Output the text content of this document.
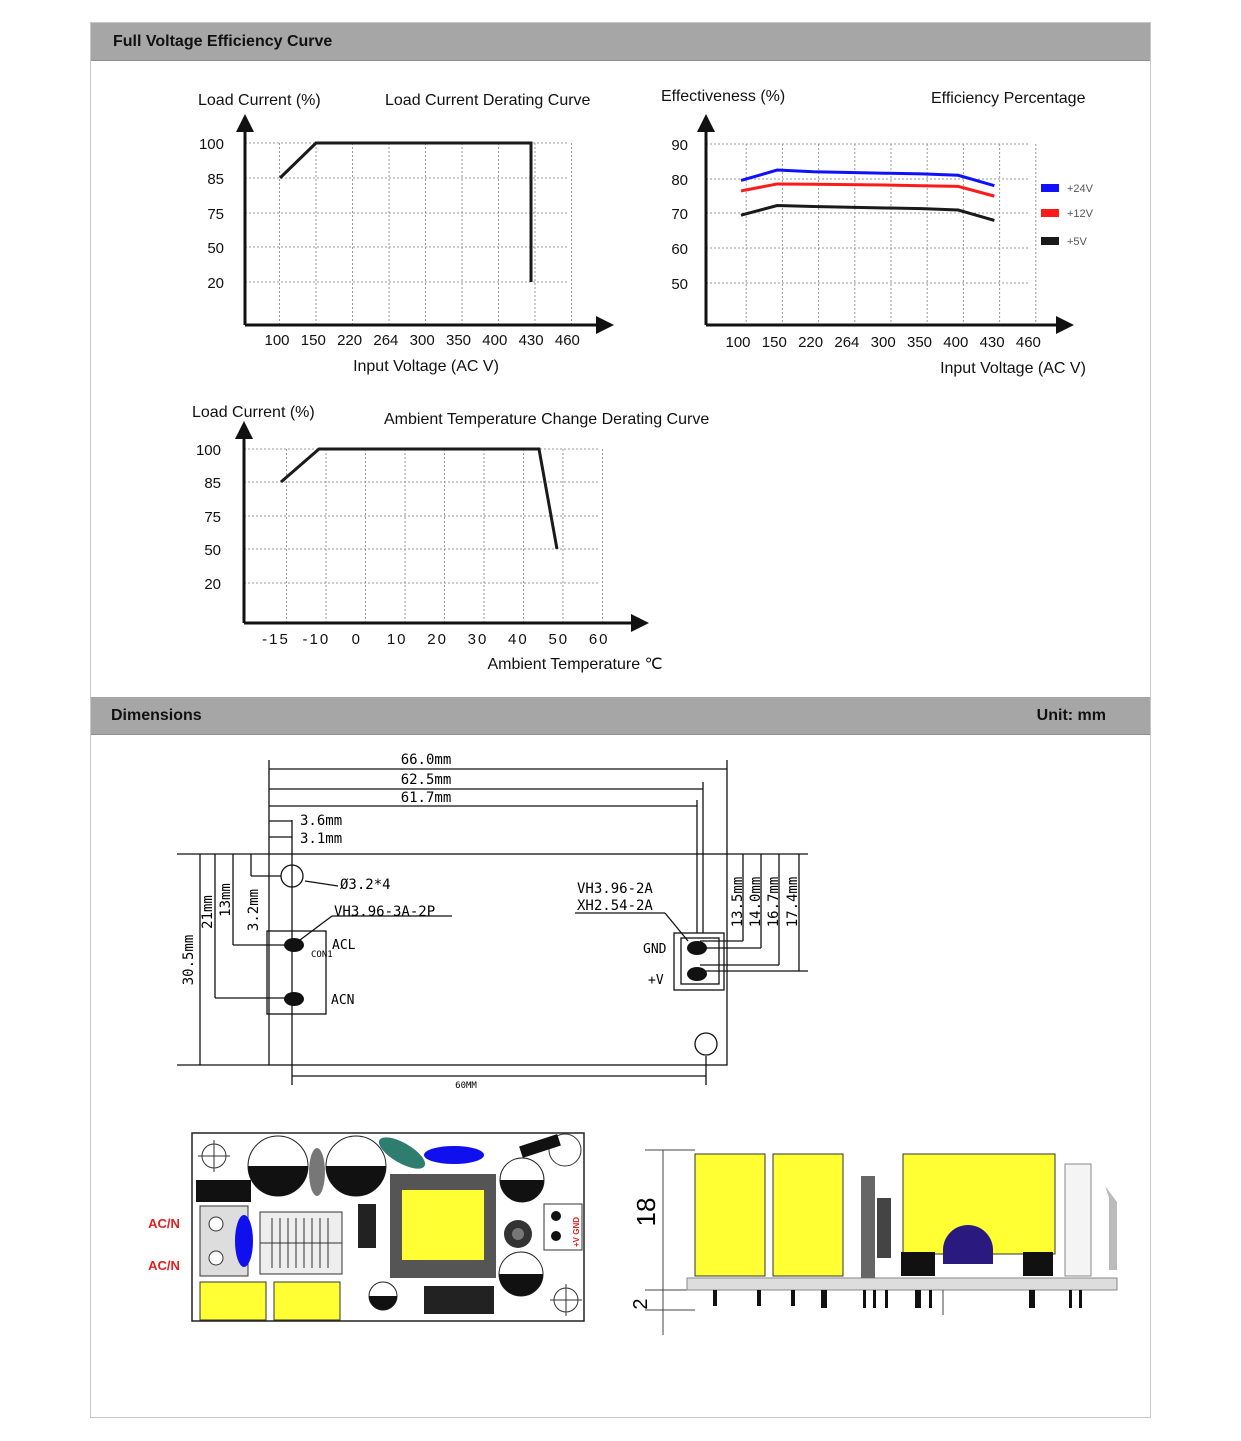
Full Voltage Efficiency Curve
100
85
75
50
20
100 150 220 264 300 350 400 430 460
Load Current (%)	Load Current Derating Curve
Input Voltage (AC V)
90
80
70
60
50
100 150 220 264 300 350 400 430 460
Effectiveness (%)	Efficiency Percentage
Input Voltage (AC V)
+24V
+12V
+5V
100
85
75
50
20
-15 -10 0 10 20 30 40 50 60
Load Current (%)	Ambient Temperature Change Derating Curve
Ambient Temperature ℃
Dimensions	Unit: mm
66.0mm
62.5mm
61.7mm
3.6mm
3.1mm
30.5mm
21mm 13mm 3.2mm	13.5mm 14.0mm 16.7mm 17.4mm
Ø3.2*4
VH3.96-3A-2P
VH3.96-2A
XH2.54-2A
ACL
CON1
ACN
GND
+V
60MM
AC/N
AC/N
+V GND 18
2
